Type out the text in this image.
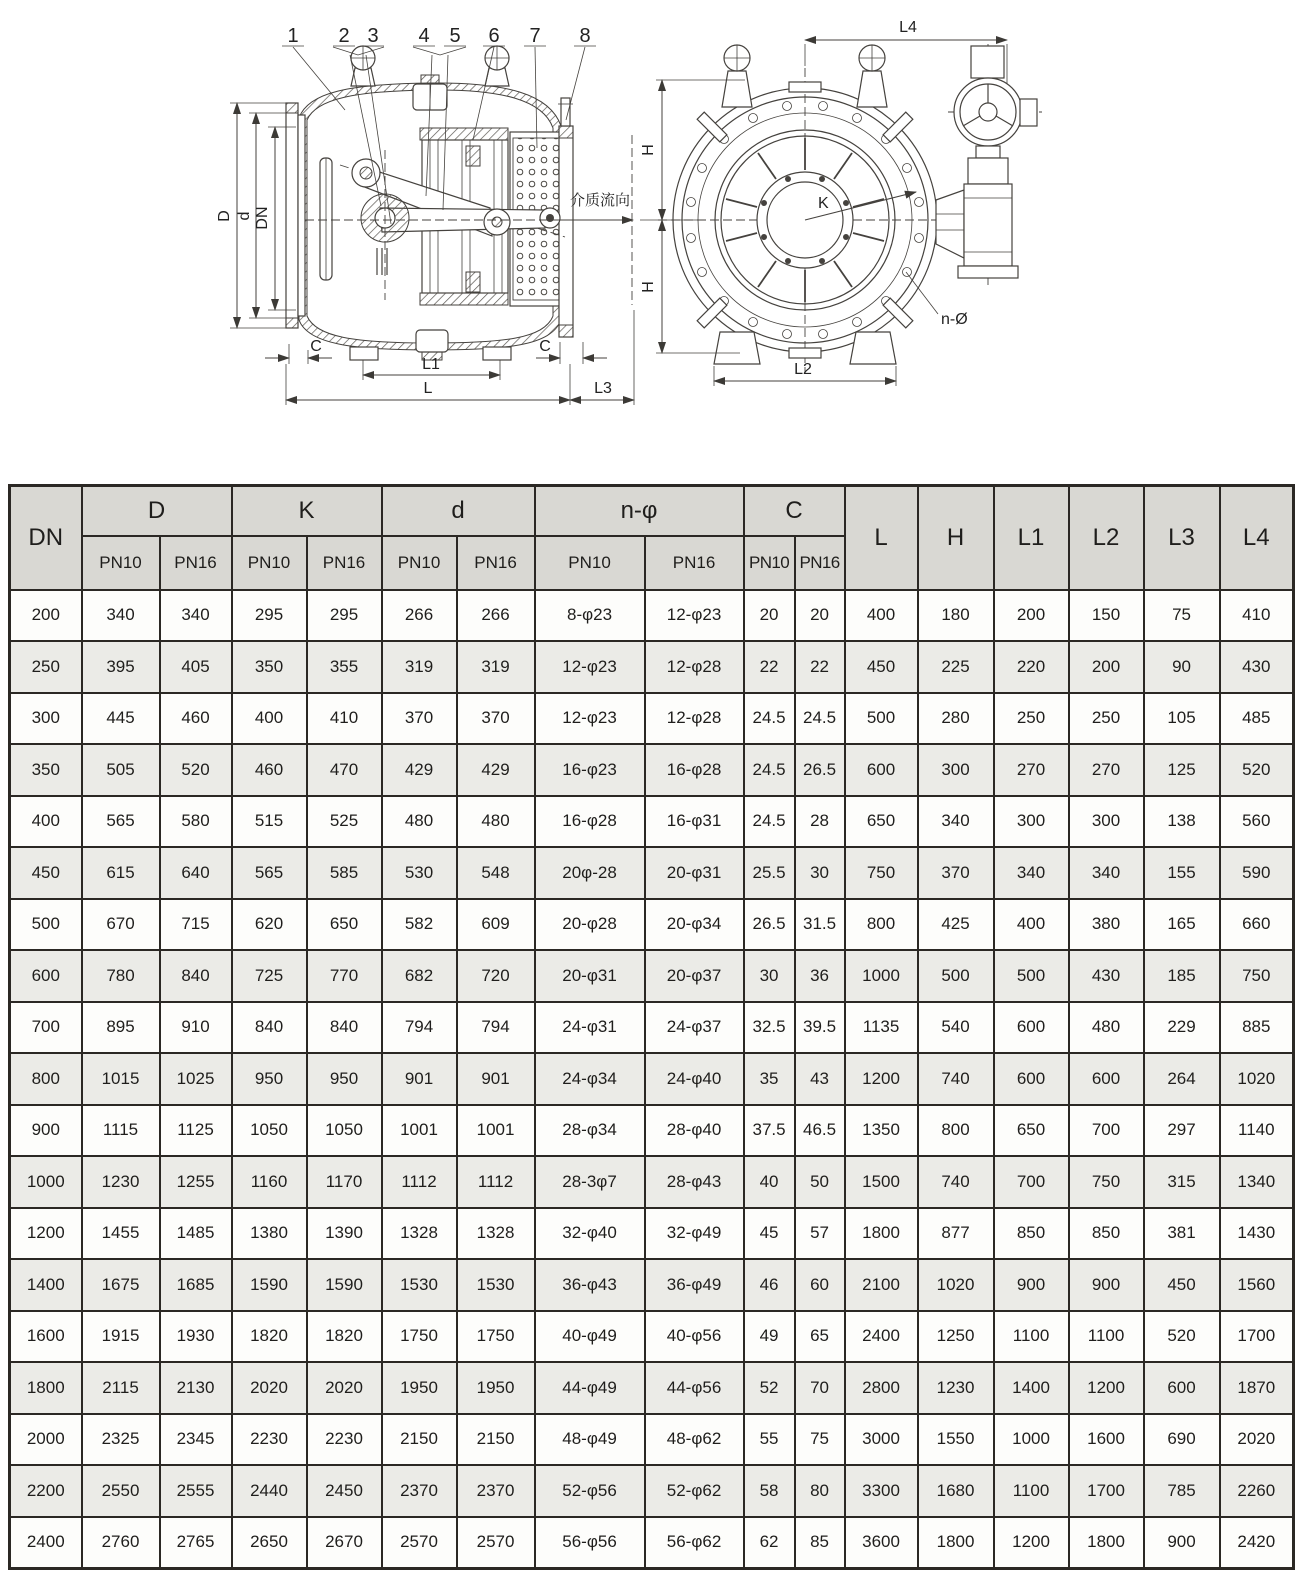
介质流向
D d DN
C	C
L1
L	L3
1 2 3 4 5 6 7 8
K
n-Ø
H
H
L2
L4
DN	D		K		d		n-φ		C		L	H	L1	L2	L3	L4
	PN10	PN16	PN10	PN16	PN10	PN16	PN10	PN16	PN10	PN16						
200	340	340	295	295	266	266	8-φ23	12-φ23	20	20	400	180	200	150	75	410
250	395	405	350	355	319	319	12-φ23	12-φ28	22	22	450	225	220	200	90	430
300	445	460	400	410	370	370	12-φ23	12-φ28	24.5	24.5	500	280	250	250	105	485
350	505	520	460	470	429	429	16-φ23	16-φ28	24.5	26.5	600	300	270	270	125	520
400	565	580	515	525	480	480	16-φ28	16-φ31	24.5	28	650	340	300	300	138	560
450	615	640	565	585	530	548	20φ-28	20-φ31	25.5	30	750	370	340	340	155	590
500	670	715	620	650	582	609	20-φ28	20-φ34	26.5	31.5	800	425	400	380	165	660
600	780	840	725	770	682	720	20-φ31	20-φ37	30	36	1000	500	500	430	185	750
700	895	910	840	840	794	794	24-φ31	24-φ37	32.5	39.5	1135	540	600	480	229	885
800	1015	1025	950	950	901	901	24-φ34	24-φ40	35	43	1200	740	600	600	264	1020
900	1115	1125	1050	1050	1001	1001	28-φ34	28-φ40	37.5	46.5	1350	800	650	700	297	1140
1000	1230	1255	1160	1170	1112	1112	28-3φ7	28-φ43	40	50	1500	740	700	750	315	1340
1200	1455	1485	1380	1390	1328	1328	32-φ40	32-φ49	45	57	1800	877	850	850	381	1430
1400	1675	1685	1590	1590	1530	1530	36-φ43	36-φ49	46	60	2100	1020	900	900	450	1560
1600	1915	1930	1820	1820	1750	1750	40-φ49	40-φ56	49	65	2400	1250	1100	1100	520	1700
1800	2115	2130	2020	2020	1950	1950	44-φ49	44-φ56	52	70	2800	1230	1400	1200	600	1870
2000	2325	2345	2230	2230	2150	2150	48-φ49	48-φ62	55	75	3000	1550	1000	1600	690	2020
2200	2550	2555	2440	2450	2370	2370	52-φ56	52-φ62	58	80	3300	1680	1100	1700	785	2260
2400	2760	2765	2650	2670	2570	2570	56-φ56	56-φ62	62	85	3600	1800	1200	1800	900	2420
